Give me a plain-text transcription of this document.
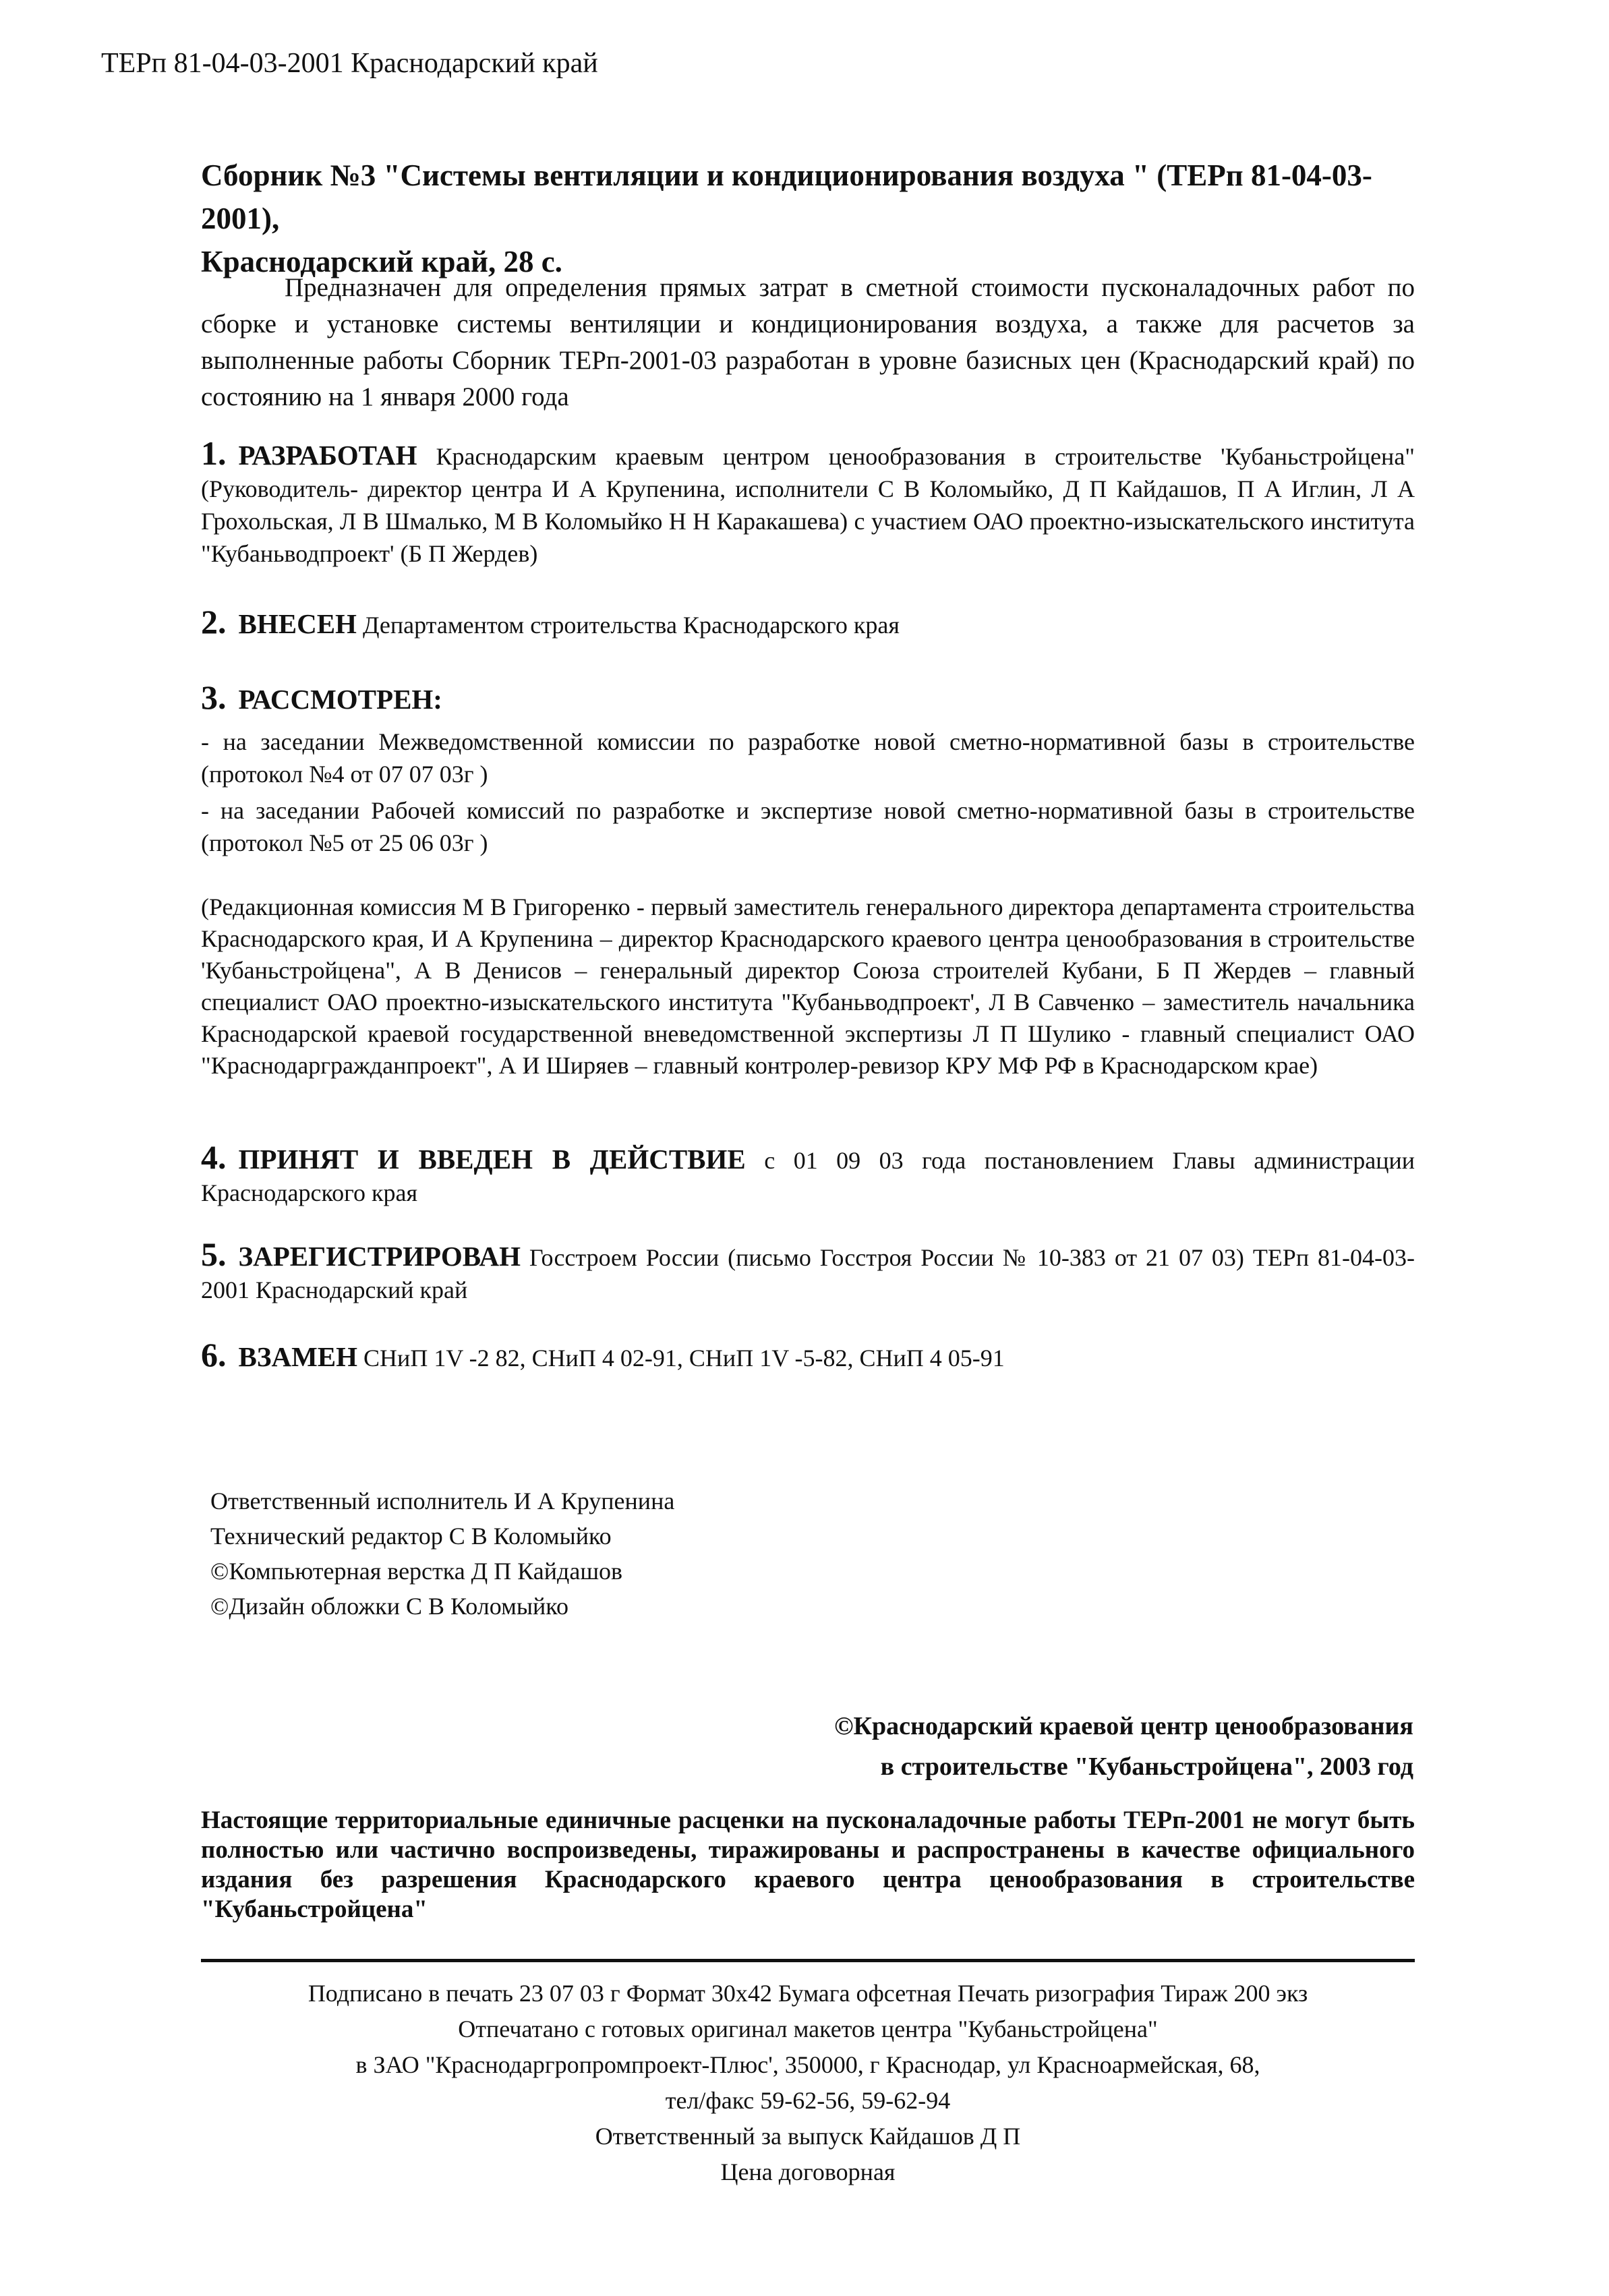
ТЕРп 81-04-03-2001 Краснодарский край
Сборник №3 "Системы вентиляции и кондиционирования воздуха " (ТЕРп 81-04-03-2001),
Краснодарский край, 28 с.
Предназначен для определения прямых затрат в сметной стоимости пусконаладочных работ по сборке и установке системы вентиляции и кондиционирования воздуха, а также для расчетов за выполненные работы Сборник ТЕРп-2001-03 разработан в уровне базисных цен (Краснодарский край) по состоянию на 1 января 2000 года
1. РАЗРАБОТАН Краснодарским краевым центром ценообразования в строительстве 'Кубаньстройцена" (Руководитель- директор центра И А Крупенина, исполнители С В Коломыйко, Д П Кайдашов, П А Иглин, Л А Грохольская, Л В Шмалько, М В Коломыйко Н Н Каракашева) с участием ОАО проектно-изыскательского института "Кубаньводпроект' (Б П Жердев)
2. ВНЕСЕН Департаментом строительства Краснодарского края
3. РАССМОТРЕН:
- на заседании Межведомственной комиссии по разработке новой сметно-нормативной базы в строительстве (протокол №4 от 07 07 03г )
- на заседании Рабочей комиссий по разработке и экспертизе новой сметно-нормативной базы в строительстве (протокол №5 от 25 06 03г )
(Редакционная комиссия М В Григоренко - первый заместитель генерального директора департамента строительства Краснодарского края, И А Крупенина – директор Краснодарского краевого центра ценообразования в строительстве 'Кубаньстройцена", А В Денисов – генеральный директор Союза строителей Кубани, Б П Жердев – главный специалист ОАО проектно-изыскательского института "Кубаньводпроект', Л В Савченко – заместитель начальника Краснодарской краевой государственной вневедомственной экспертизы Л П Шулико - главный специалист ОАО "Краснодаргражданпроект", А И Ширяев – главный контролер-ревизор КРУ МФ РФ в Краснодарском крае)
4. ПРИНЯТ И ВВЕДЕН В ДЕЙСТВИЕ с 01 09 03 года постановлением Главы администрации Краснодарского края
5. ЗАРЕГИСТРИРОВАН Госстроем России (письмо Госстроя России № 10-383 от 21 07 03) ТЕРп 81-04-03-2001 Краснодарский край
6. ВЗАМЕН СНиП 1V -2 82, СНиП 4 02-91, СНиП 1V -5-82, СНиП 4 05-91
Ответственный исполнитель И А Крупенина
Технический редактор С В Коломыйко
©Компьютерная верстка Д П Кайдашов
©Дизайн обложки С В Коломыйко
©Краснодарский краевой центр ценообразования
в строительстве "Кубаньстройцена", 2003 год
Настоящие территориальные единичные расценки на пусконаладочные работы ТЕРп-2001 не могут быть полностью или частично воспроизведены, тиражированы и распространены в качестве официального издания без разрешения Краснодарского краевого центра ценообразования в строительстве "Кубаньстройцена"
Подписано в печать 23 07 03 г Формат 30х42 Бумага офсетная Печать ризография Тираж 200 экз
Отпечатано с готовых оригинал макетов центра "Кубаньстройцена"
в ЗАО "Краснодаргропромпроект-Плюс', 350000, г Краснодар, ул Красноармейская, 68,
тел/факс 59-62-56, 59-62-94
Ответственный за выпуск Кайдашов Д П
Цена договорная
